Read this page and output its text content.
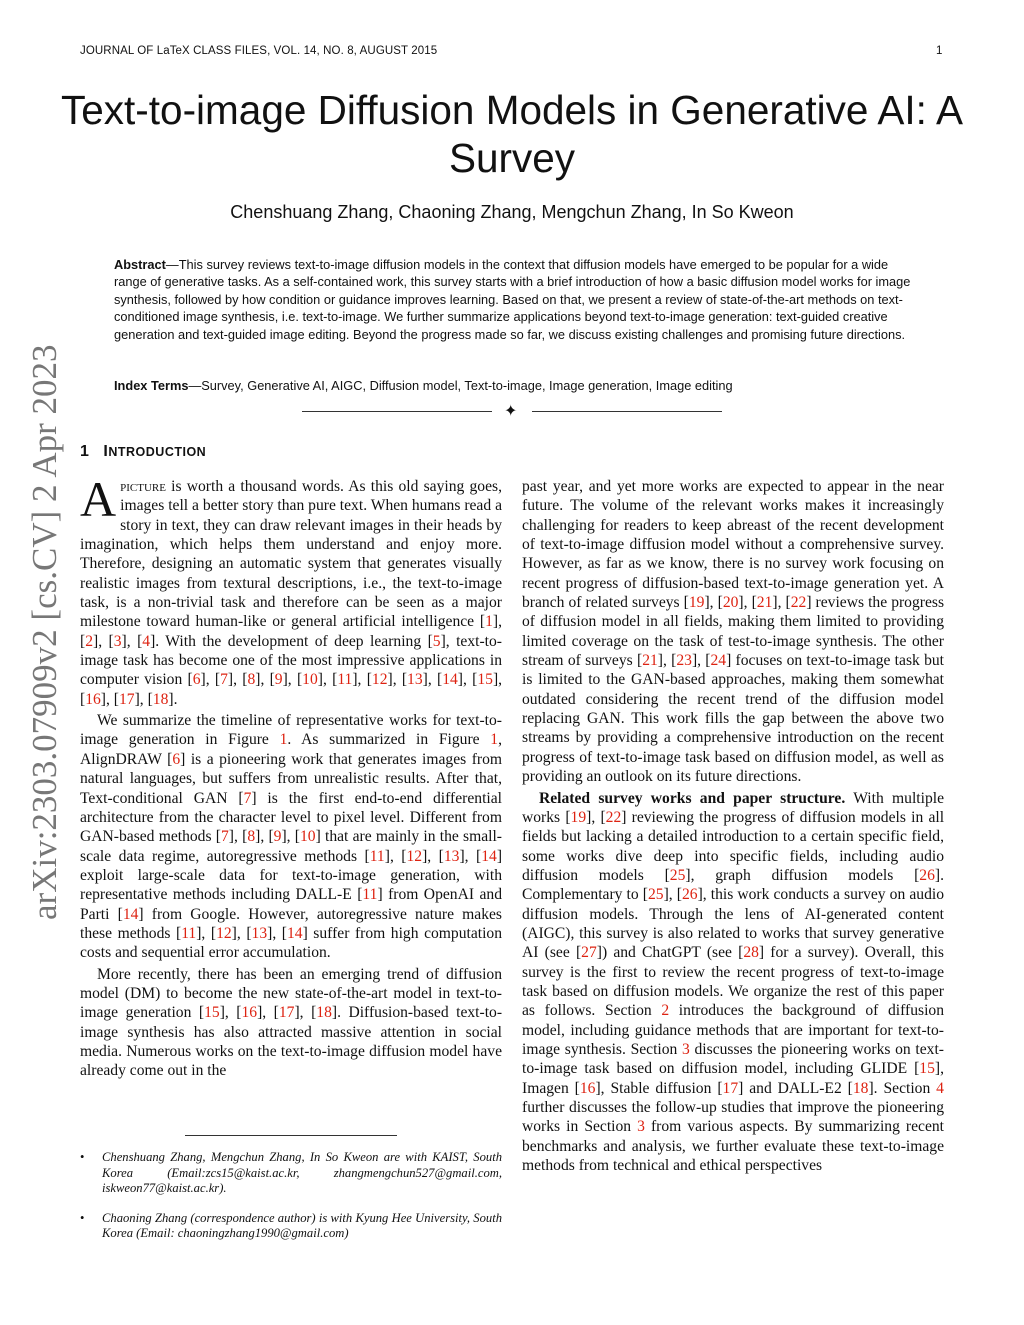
JOURNAL OF LaTeX CLASS FILES, VOL. 14, NO. 8, AUGUST 2015	1
arXiv:2303.07909v2 [cs.CV] 2 Apr 2023
Text-to-image Diffusion Models in Generative AI: A Survey
Chenshuang Zhang, Chaoning Zhang, Mengchun Zhang, In So Kweon
Abstract—This survey reviews text-to-image diffusion models in the context that diffusion models have emerged to be popular for a wide range of generative tasks. As a self-contained work, this survey starts with a brief introduction of how a basic diffusion model works for image synthesis, followed by how condition or guidance improves learning. Based on that, we present a review of state-of-the-art methods on text-conditioned image synthesis, i.e. text-to-image. We further summarize applications beyond text-to-image generation: text-guided creative generation and text-guided image editing. Beyond the progress made so far, we discuss existing challenges and promising future directions.
Index Terms—Survey, Generative AI, AIGC, Diffusion model, Text-to-image, Image generation, Image editing
✦
1 INTRODUCTION

Apicture is worth a thousand words. As this old saying goes, images tell a better story than pure text. When humans read a story in text, they can draw relevant images in their heads by imagination, which helps them understand and enjoy more. Therefore, designing an automatic system that generates visually realistic images from textural descriptions, i.e., the text-to-image task, is a non-trivial task and therefore can be seen as a major milestone toward human-like or general artificial intelligence [1], [2], [3], [4]. With the development of deep learning [5], text-to-image task has become one of the most impressive applications in computer vision [6], [7], [8], [9], [10], [11], [12], [13], [14], [15], [16], [17], [18].

We summarize the timeline of representative works for text-to-image generation in Figure 1. As summarized in Figure 1, AlignDRAW [6] is a pioneering work that generates images from natural languages, but suffers from unrealistic results. After that, Text-conditional GAN [7] is the first end-to-end differential architecture from the character level to pixel level. Different from GAN-based methods [7], [8], [9], [10] that are mainly in the small-scale data regime, autoregressive methods [11], [12], [13], [14] exploit large-scale data for text-to-image generation, with representative methods including DALL-E [11] from OpenAI and Parti [14] from Google. However, autoregressive nature makes these methods [11], [12], [13], [14] suffer from high computation costs and sequential error accumulation.

More recently, there has been an emerging trend of diffusion model (DM) to become the new state-of-the-art model in text-to-image generation [15], [16], [17], [18]. Diffusion-based text-to-image synthesis has also attracted massive attention in social media. Numerous works on the text-to-image diffusion model have already come out in the

past year, and yet more works are expected to appear in the near future. The volume of the relevant works makes it increasingly challenging for readers to keep abreast of the recent development of text-to-image diffusion model without a comprehensive survey. However, as far as we know, there is no survey work focusing on recent progress of diffusion-based text-to-image generation yet. A branch of related surveys [19], [20], [21], [22] reviews the progress of diffusion model in all fields, making them limited to providing limited coverage on the task of test-to-image synthesis. The other stream of surveys [21], [23], [24] focuses on text-to-image task but is limited to the GAN-based approaches, making them somewhat outdated considering the recent trend of the diffusion model replacing GAN. This work fills the gap between the above two streams by providing a comprehensive introduction on the recent progress of text-to-image task based on diffusion model, as well as providing an outlook on its future directions.

Related survey works and paper structure. With multiple works [19], [22] reviewing the progress of diffusion models in all fields but lacking a detailed introduction to a certain specific field, some works dive deep into specific fields, including audio diffusion models [25], graph diffusion models [26]. Complementary to [25], [26], this work conducts a survey on audio diffusion models. Through the lens of AI-generated content (AIGC), this survey is also related to works that survey generative AI (see [27]) and ChatGPT (see [28] for a survey). Overall, this survey is the first to review the recent progress of text-to-image task based on diffusion models. We organize the rest of this paper as follows. Section 2 introduces the background of diffusion model, including guidance methods that are important for text-to-image synthesis. Section 3 discusses the pioneering works on text-to-image task based on diffusion model, including GLIDE [15], Imagen [16], Stable diffusion [17] and DALL-E2 [18]. Section 4 further discusses the follow-up studies that improve the pioneering works in Section 3 from various aspects. By summarizing recent benchmarks and analysis, we further evaluate these text-to-image methods from technical and ethical perspectives

•	Chenshuang Zhang, Mengchun Zhang, In So Kweon are with KAIST, South Korea (Email:zcs15@kaist.ac.kr, zhangmengchun527@gmail.com, iskweon77@kaist.ac.kr).
•	Chaoning Zhang (correspondence author) is with Kyung Hee University, South Korea (Email: chaoningzhang1990@gmail.com)
